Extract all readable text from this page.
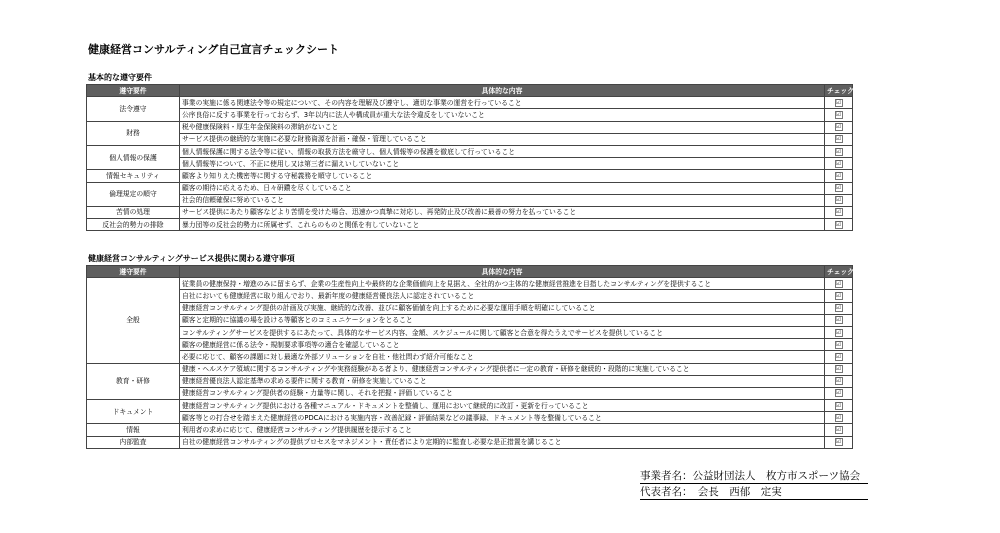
健康経営コンサルティング自己宣言チェックシート
基本的な遵守要件
遵守要件	具体的な内容	チェック欄
法令遵守	事業の実施に係る関連法令等の規定について、その内容を理解及び遵守し、適切な事業の運営を行っていること	☑
	公序良俗に反する事業を行っておらず、3年以内に法人や構成員が重大な法令違反をしていないこと	☑
財務	税や健康保険料・厚生年金保険料の滞納がないこと	☑
	サービス提供の継続的な実施に必要な財務資源を計画・確保・管理していること	☑
個人情報の保護	個人情報保護に関する法令等に従い、情報の取扱方法を厳守し、個人情報等の保護を徹底して行っていること	☑
	個人情報等について、不正に使用し又は第三者に漏えいしていないこと	☑
情報セキュリティ	顧客より知りえた機密等に関する守秘義務を順守していること	☑
倫理規定の順守	顧客の期待に応えるため、日々研鑽を尽くしていること	☑
	社会的信頼確保に努めていること	☑
苦情の処理	サービス提供にあたり顧客などより苦情を受けた場合、迅速かつ真摯に対応し、再発防止及び改善に最善の努力を払っていること	☑
反社会的勢力の排除	暴力団等の反社会的勢力に所属せず、これらのものと関係を有していないこと	☑
健康経営コンサルティングサービス提供に関わる遵守事項
遵守要件	具体的な内容	チェック欄
全般	従業員の健康保持・増進のみに留まらず、企業の生産性向上や最終的な企業価値向上を見据え、全社的かつ主体的な健康経営推進を目指したコンサルティングを提供すること	☑
	自社においても健康経営に取り組んでおり、最新年度の健康経営優良法人に認定されていること	☑
	健康経営コンサルティング提供の計画及び実施、継続的な改善、並びに顧客価値を向上するために必要な運用手順を明確にしていること	☑
	顧客と定期的に協議の場を設ける等顧客とのコミュニケーションをとること	☑
	コンサルティングサービスを提供するにあたって、具体的なサービス内容、金額、スケジュールに関して顧客と合意を得たうえでサービスを提供していること	☑
	顧客の健康経営に係る法令・規制要求事項等の適合を確認していること	☑
	必要に応じて、顧客の課題に対し最適な外部ソリューションを自社・他社問わず紹介可能なこと	☑
教育・研修	健康・ヘルスケア領域に関するコンサルティングや実務経験がある者より、健康経営コンサルティング提供者に一定の教育・研修を継続的・段階的に実施していること	☑
	健康経営優良法人認定基準の求める要件に関する教育・研修を実施していること	☑
	健康経営コンサルティング提供者の経験・力量等に関し、それを把握・評価していること	☑
ドキュメント	健康経営コンサルティング提供における各種マニュアル・ドキュメントを整備し、運用において継続的に改訂・更新を行っていること	☑
	顧客等との打合せを踏まえた健康経営のPDCAにおける実施内容・改善記録・評価結果などの議事録、ドキュメント等を整備していること	☑
情報	利用者の求めに応じて、健康経営コンサルティング提供履歴を提示すること	☑
内部監査	自社の健康経営コンサルティングの提供プロセスをマネジメント・責任者により定期的に監査し必要な是正措置を講じること	☑
事業者名：公益財団法人　枚方市スポーツ協会
代表者名：　会長　西郁　定実
